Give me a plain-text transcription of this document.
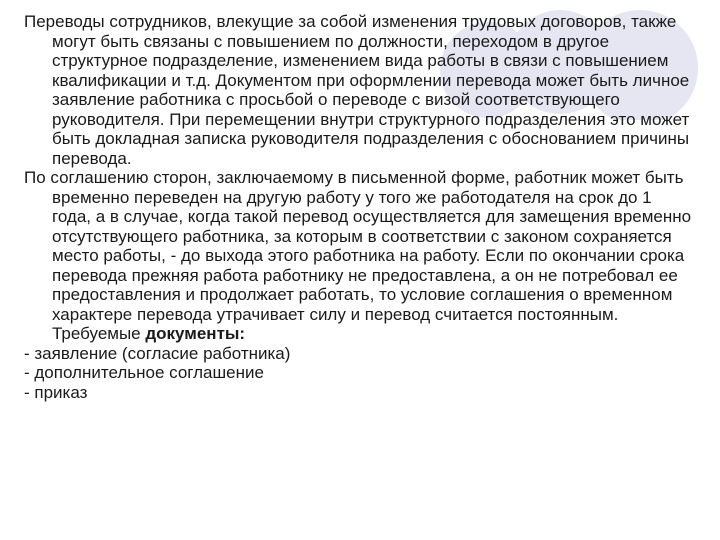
Переводы сотрудников, влекущие за собой изменения трудовых договоров, также могут быть связаны с повышением по должности, переходом в другое структурное подразделение, изменением вида работы в связи с повышением квалификации и т.д. Документом при оформлении перевода может быть личное заявление работника с просьбой о переводе с визой соответствующего руководителя. При перемещении внутри структурного подразделения это может быть докладная записка руководителя подразделения с обоснованием причины перевода.

По соглашению сторон, заключаемому в письменной форме, работник может быть временно переведен на другую работу у того же работодателя на срок до 1 года, а в случае, когда такой перевод осуществляется для замещения временно отсутствующего работника, за которым в соответствии с законом сохраняется место работы, - до выхода этого работника на работу. Если по окончании срока перевода прежняя работа работнику не предоставлена, а он не потребовал ее предоставления и продолжает работать, то условие соглашения о временном характере перевода утрачивает силу и перевод считается постоянным. Требуемые документы:

- заявление (согласие работника)

- дополнительное соглашение

- приказ
